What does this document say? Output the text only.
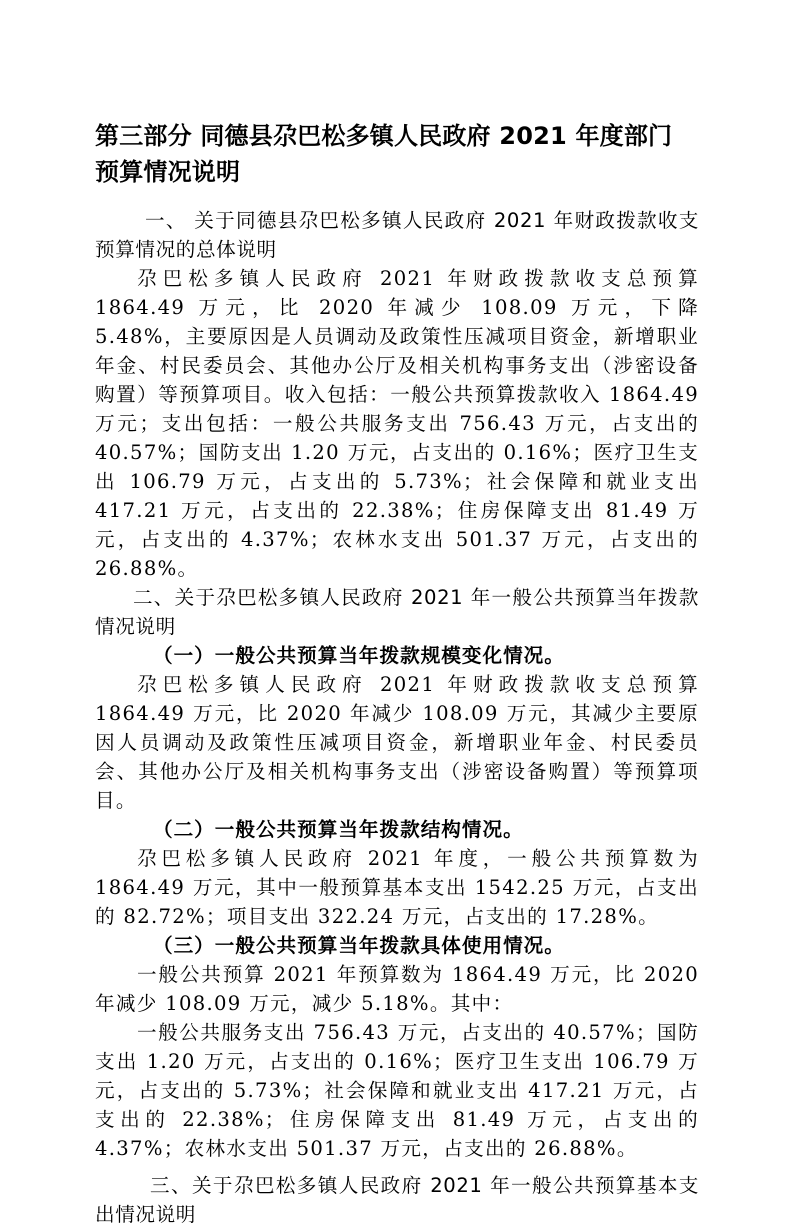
第三部分 同德县尕巴松多镇人民政府 2021 年度部门预算情况说明

一、 关于同德县尕巴松多镇人民政府 2021 年财政拨款收支预算情况的总体说明

尕巴松多镇人民政府 2021 年财政拨款收支总预算 1864.49 万元，比 2020 年减少 108.09 万元，下降 5.48%，主要原因是人员调动及政策性压减项目资金，新增职业年金、村民委员会、其他办公厅及相关机构事务支出（涉密设备购置）等预算项目。收入包括：一般公共预算拨款收入 1864.49 万元；支出包括：一般公共服务支出 756.43 万元，占支出的 40.57%；国防支出 1.20 万元，占支出的 0.16%；医疗卫生支出 106.79 万元，占支出的 5.73%；社会保障和就业支出 417.21 万元，占支出的 22.38%；住房保障支出 81.49 万元，占支出的 4.37%；农林水支出 501.37 万元，占支出的 26.88%。

二、关于尕巴松多镇人民政府 2021 年一般公共预算当年拨款情况说明

（一）一般公共预算当年拨款规模变化情况。

尕巴松多镇人民政府 2021 年财政拨款收支总预算 1864.49 万元，比 2020 年减少 108.09 万元，其减少主要原因人员调动及政策性压减项目资金，新增职业年金、村民委员会、其他办公厅及相关机构事务支出（涉密设备购置）等预算项目。

（二）一般公共预算当年拨款结构情况。

尕巴松多镇人民政府 2021 年度，一般公共预算数为 1864.49 万元，其中一般预算基本支出 1542.25 万元，占支出的 82.72%；项目支出 322.24 万元，占支出的 17.28%。

（三）一般公共预算当年拨款具体使用情况。

一般公共预算 2021 年预算数为 1864.49 万元，比 2020 年减少 108.09 万元，减少 5.18%。其中：

一般公共服务支出 756.43 万元，占支出的 40.57%；国防支出 1.20 万元，占支出的 0.16%；医疗卫生支出 106.79 万元，占支出的 5.73%；社会保障和就业支出 417.21 万元，占支出的 22.38%；住房保障支出 81.49 万元，占支出的 4.37%；农林水支出 501.37 万元，占支出的 26.88%。

三、关于尕巴松多镇人民政府 2021 年一般公共预算基本支出情况说明
